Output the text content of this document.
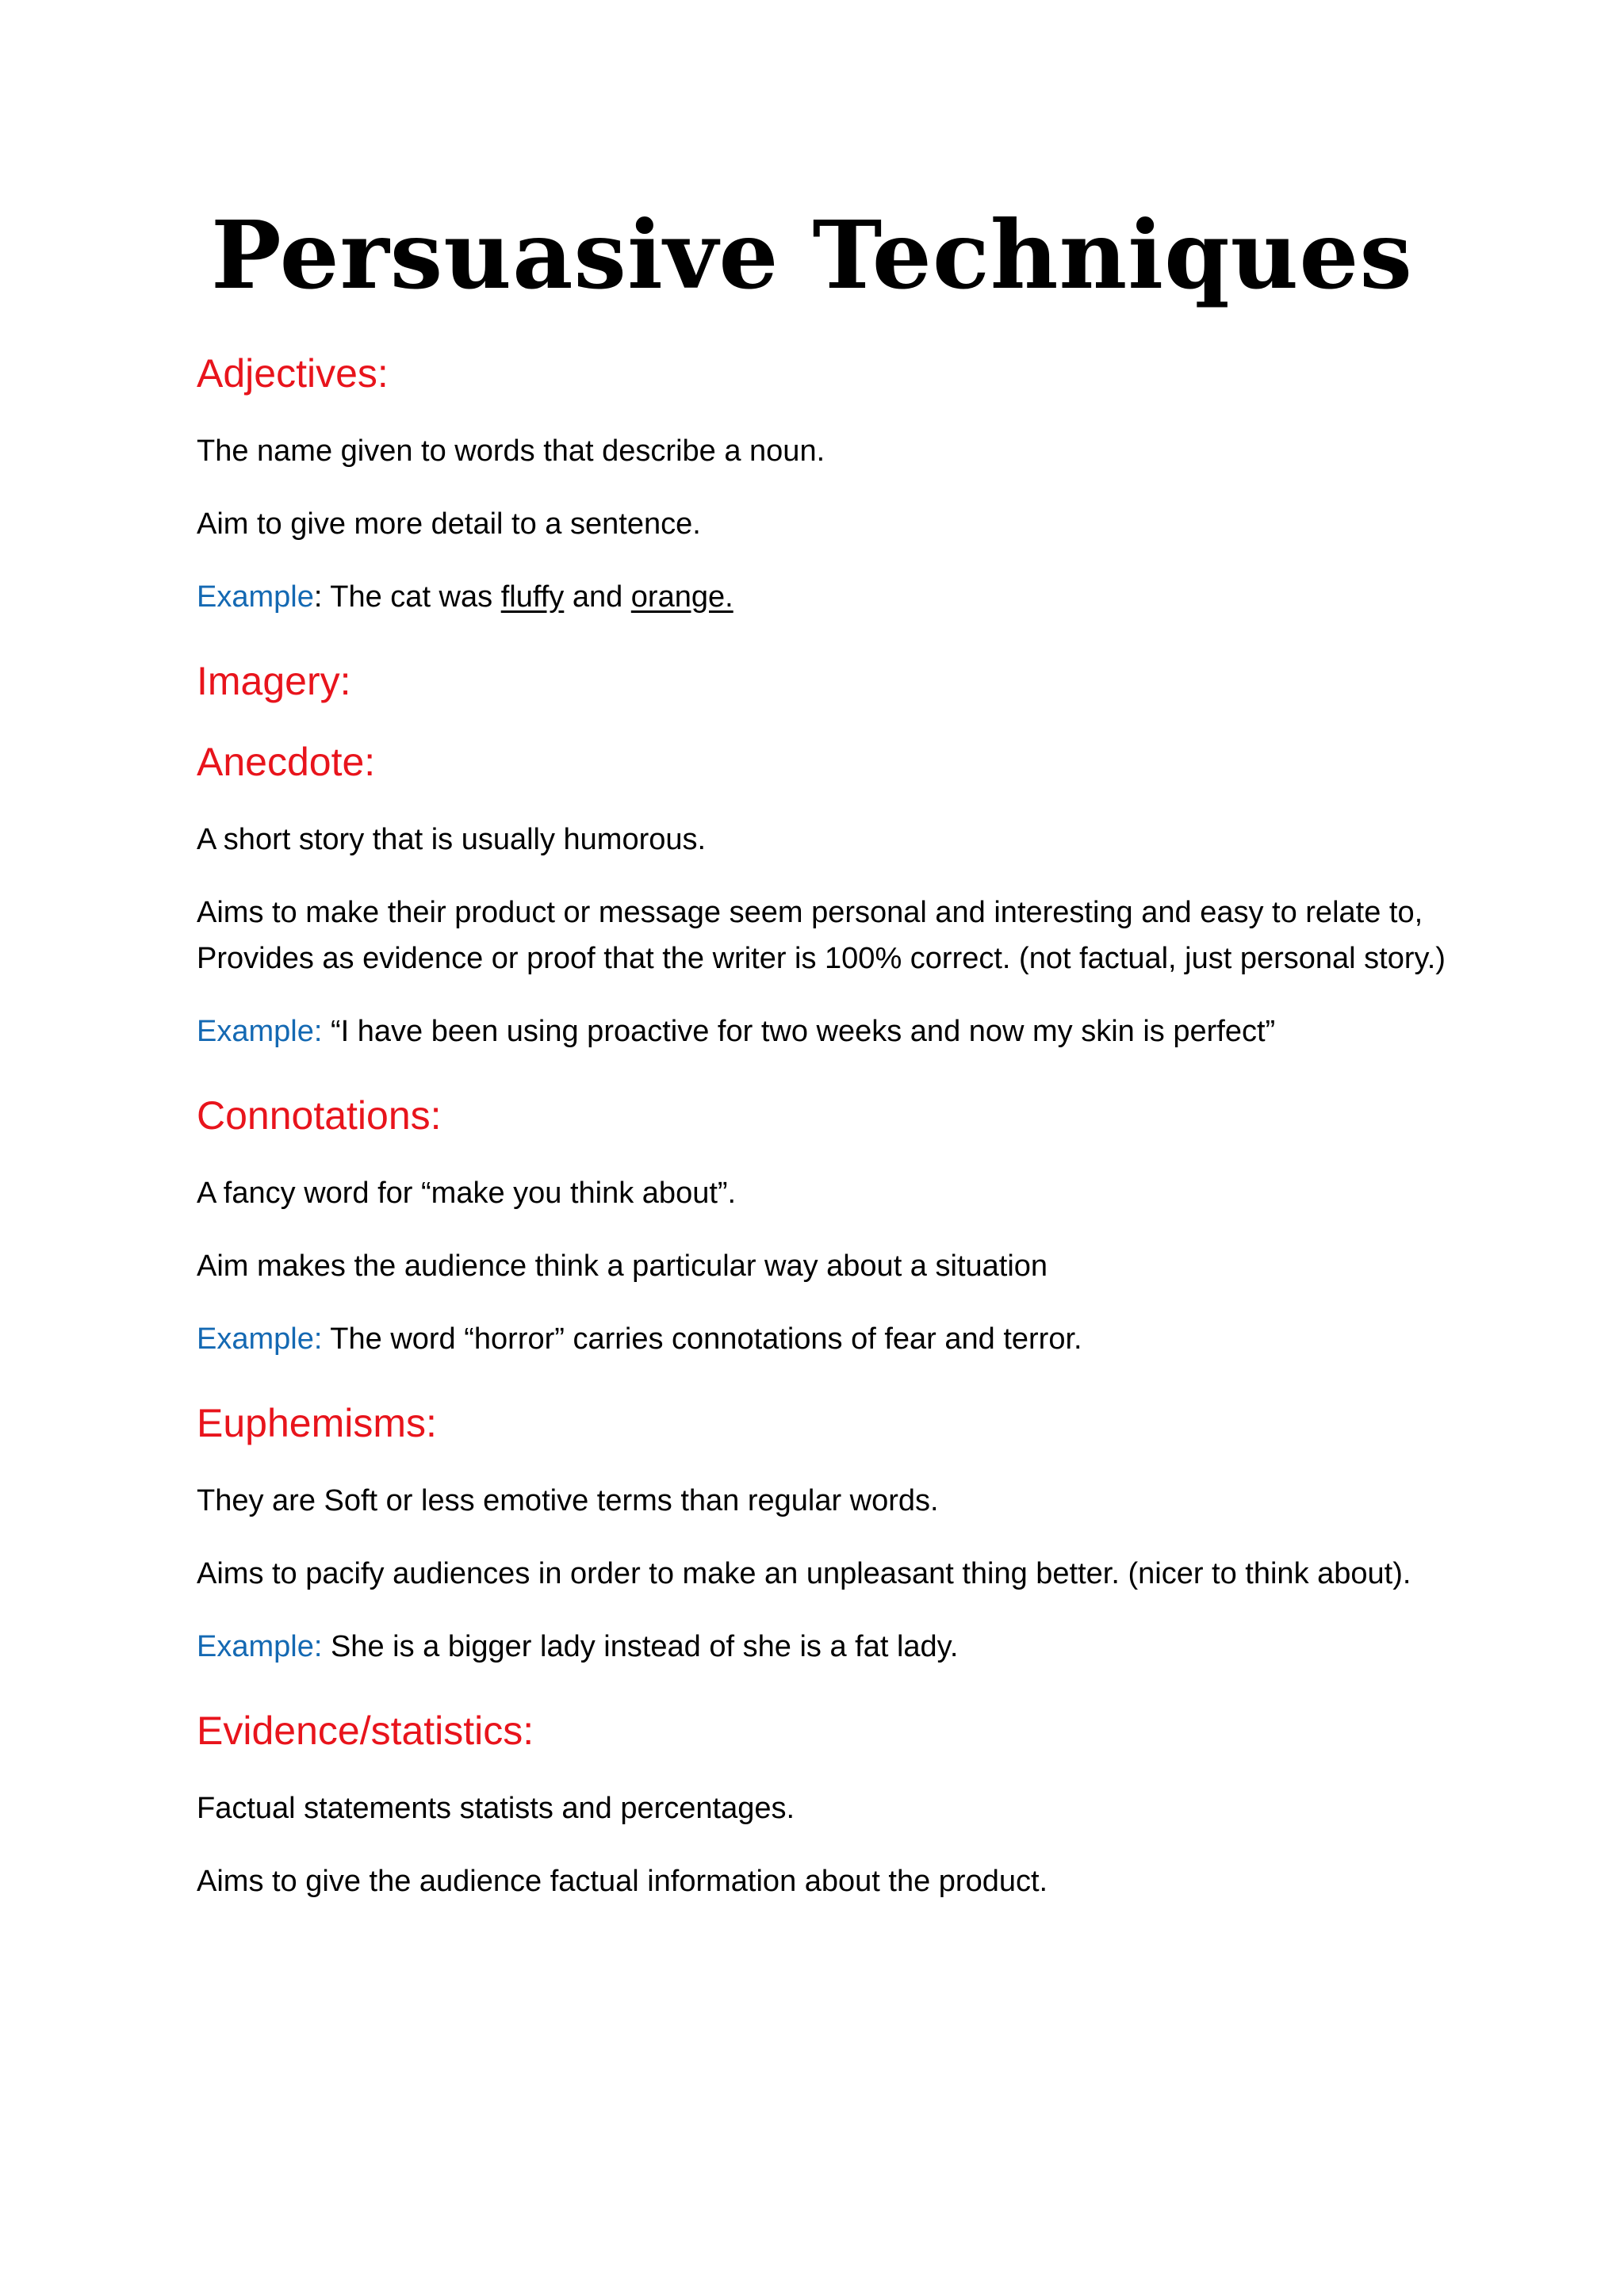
Persuasive Techniques
Adjectives:

The name given to words that describe a noun.

Aim to give more detail to a sentence.

Example: The cat was fluffy and orange.

Imagery:
Anecdote:

A short story that is usually humorous.

Aims to make their product or message seem personal and interesting and easy to relate to, Provides as evidence or proof that the writer is 100% correct. (not factual, just personal story.)

Example: “I have been using proactive for two weeks and now my skin is perfect”

Connotations:

A fancy word for “make you think about”.

Aim makes the audience think a particular way about a situation

Example: The word “horror” carries connotations of fear and terror.

Euphemisms:

They are Soft or less emotive terms than regular words.

Aims to pacify audiences in order to make an unpleasant thing better. (nicer to think about).

Example: She is a bigger lady instead of she is a fat lady.

Evidence/statistics:

Factual statements statists and percentages.

Aims to give the audience factual information about the product.
